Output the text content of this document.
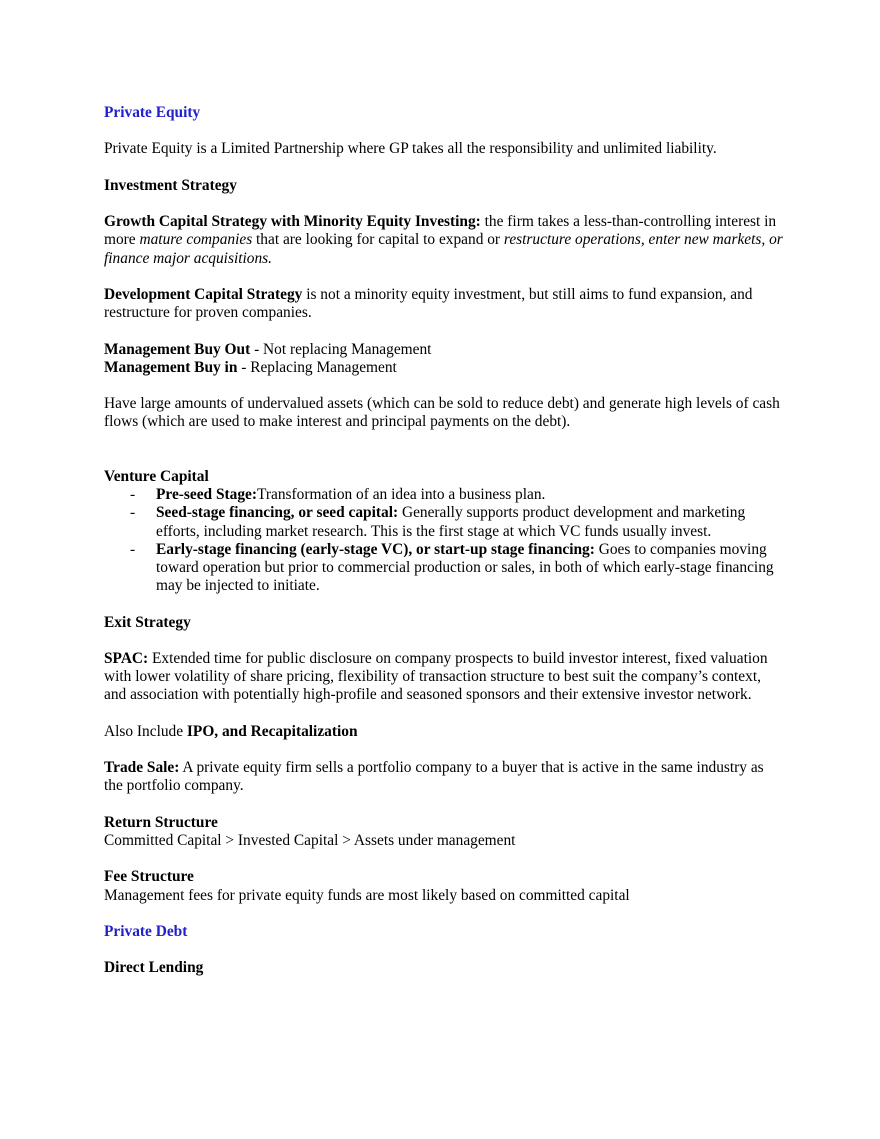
Private Equity

Private Equity is a Limited Partnership where GP takes all the responsibility and unlimited liability.

Investment Strategy

Growth Capital Strategy with Minority Equity Investing: the firm takes a less-than-controlling interest in more mature companies that are looking for capital to expand or restructure operations, enter new markets, or finance major acquisitions.

Development Capital Strategy is not a minority equity investment, but still aims to fund expansion, and restructure for proven companies.

Management Buy Out - Not replacing Management

Management Buy in - Replacing Management

Have large amounts of undervalued assets (which can be sold to reduce debt) and generate high levels of cash flows (which are used to make interest and principal payments on the debt).

Venture Capital

- Pre-seed Stage:Transformation of an idea into a business plan.
- Seed-stage financing, or seed capital: Generally supports product development and marketing efforts, including market research. This is the first stage at which VC funds usually invest.
- Early-stage financing (early-stage VC), or start-up stage financing: Goes to companies moving toward operation but prior to commercial production or sales, in both of which early-stage financing may be injected to initiate.

Exit Strategy

SPAC: Extended time for public disclosure on company prospects to build investor interest, fixed valuation with lower volatility of share pricing, flexibility of transaction structure to best suit the company’s context, and association with potentially high-profile and seasoned sponsors and their extensive investor network.

Also Include IPO, and Recapitalization

Trade Sale: A private equity firm sells a portfolio company to a buyer that is active in the same industry as the portfolio company.

Return Structure

Committed Capital > Invested Capital > Assets under management

Fee Structure

Management fees for private equity funds are most likely based on committed capital

Private Debt

Direct Lending
